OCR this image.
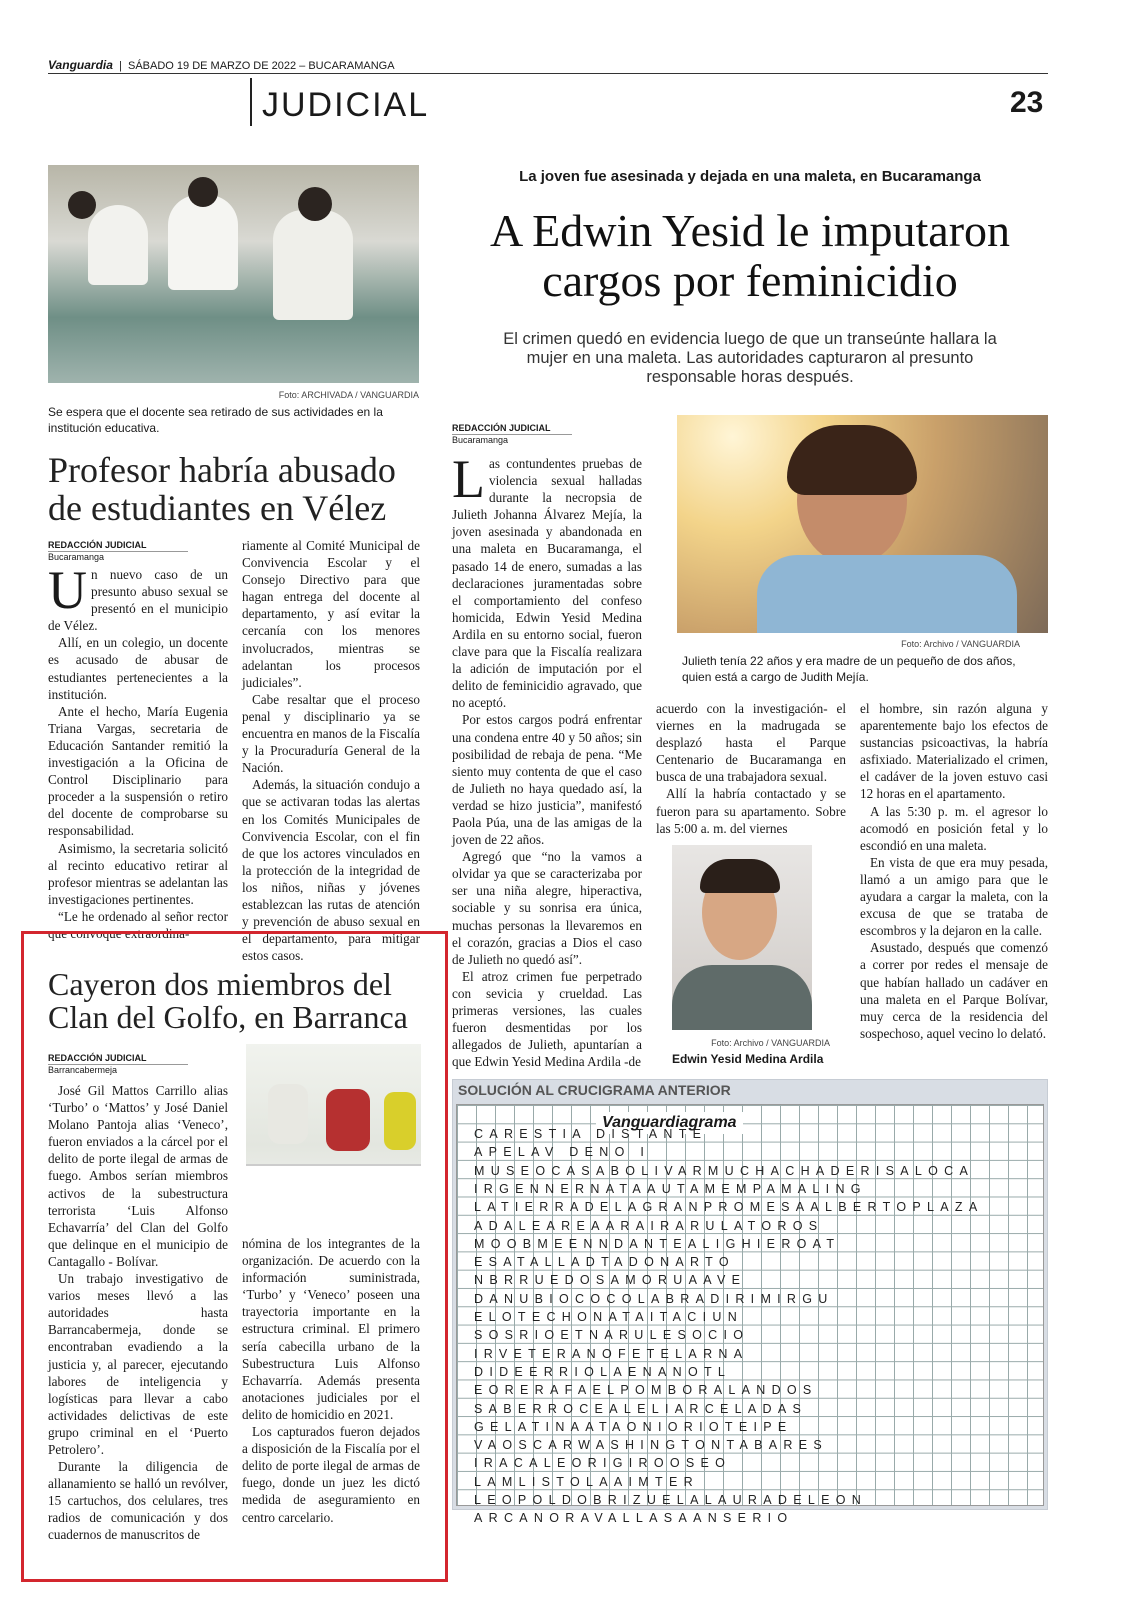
Vanguardia  |  SÁBADO 19 DE MARZO DE 2022 – BUCARAMANGA
JUDICIAL	23
Foto: ARCHIVADA / VANGUARDIA
Se espera que el docente sea retirado de sus actividades en la institución educativa.
Profesor habría abusado de estudiantes en Vélez
REDACCIÓN JUDICIAL
Bucaramanga

Un nuevo caso de un presunto abuso sexual se presentó en el municipio de Vélez.

Allí, en un colegio, un docente es acusado de abusar de estudiantes pertenecientes a la institución.

Ante el hecho, María Eugenia Triana Vargas, secretaria de Educación Santander remitió la investigación a la Oficina de Control Disciplinario para proceder a la suspensión o retiro del docente de comprobarse su responsabilidad.

Asimismo, la secretaria solicitó al recinto educativo retirar al profesor mientras se adelantan las investigaciones pertinentes.

“Le he ordenado al señor rector que convoque extraordina-

riamente al Comité Municipal de Convivencia Escolar y el Consejo Directivo para que hagan entrega del docente al departamento, y así evitar la cercanía con los menores involucrados, mientras se adelantan los procesos judiciales”.

Cabe resaltar que el proceso penal y disciplinario ya se encuentra en manos de la Fiscalía y la Procuraduría General de la Nación.

Además, la situación condujo a que se activaran todas las alertas en los Comités Municipales de Convivencia Escolar, con el fin de que los actores vinculados en la protección de la integridad de los niños, niñas y jóvenes establezcan las rutas de atención y prevención de abuso sexual en el departamento, para mitigar estos casos.

La joven fue asesinada y dejada en una maleta, en Bucaramanga
A Edwin Yesid le imputaron cargos por feminicidio
El crimen quedó en evidencia luego de que un transeúnte hallara la mujer en una maleta. Las autoridades capturaron al presunto responsable horas después.
REDACCIÓN JUDICIAL
Bucaramanga

Las contundentes pruebas de violencia sexual halladas durante la necropsia de Julieth Johanna Álvarez Mejía, la joven asesinada y abandonada en una maleta en Bucaramanga, el pasado 14 de enero, sumadas a las declaraciones juramentadas sobre el comportamiento del confeso homicida, Edwin Yesid Medina Ardila en su entorno social, fueron clave para que la Fiscalía realizara la adición de imputación por el delito de feminicidio agravado, que no aceptó.

Por estos cargos podrá enfrentar una condena entre 40 y 50 años; sin posibilidad de rebaja de pena. “Me siento muy contenta de que el caso de Julieth no haya quedado así, la verdad se hizo justicia”, manifestó Paola Púa, una de las amigas de la joven de 22 años.

Agregó que “no la vamos a olvidar ya que se caracterizaba por ser una niña alegre, hiperactiva, sociable y su sonrisa era única, muchas personas la llevaremos en el corazón, gracias a Dios el caso de Julieth no quedó así”.

El atroz crimen fue perpetrado con sevicia y crueldad. Las primeras versiones, las cuales fueron desmentidas por los allegados de Julieth, apuntarían a que Edwin Yesid Medina Ardila -de

Foto: Archivo / VANGUARDIA
Julieth tenía 22 años y era madre de un pequeño de dos años, quien está a cargo de Judith Mejía.

acuerdo con la investigación- el viernes en la madrugada se desplazó hasta el Parque Centenario de Bucaramanga en busca de una trabajadora sexual.

Allí la habría contactado y se fueron para su apartamento. Sobre las 5:00 a. m. del viernes

Foto: Archivo / VANGUARDIA
Edwin Yesid Medina Ardila

el hombre, sin razón alguna y aparentemente bajo los efectos de sustancias psicoactivas, la habría asfixiado. Materializado el crimen, el cadáver de la joven estuvo casi 12 horas en el apartamento.

A las 5:30 p. m. el agresor lo acomodó en posición fetal y lo escondió en una maleta.

En vista de que era muy pesada, llamó a un amigo para que le ayudara a cargar la maleta, con la excusa de que se trataba de escombros y la dejaron en la calle.

Asustado, después que comenzó a correr por redes el mensaje de que habían hallado un cadáver en una maleta en el Parque Bolívar, muy cerca de la residencia del sospechoso, aquel vecino lo delató.

Cayeron dos miembros del Clan del Golfo, en Barranca
REDACCIÓN JUDICIAL
Barrancabermeja

José Gil Mattos Carrillo alias ‘Turbo’ o ‘Mattos’ y José Daniel Molano Pantoja alias ‘Veneco’, fueron enviados a la cárcel por el delito de porte ilegal de armas de fuego. Ambos serían miembros activos de la subestructura terrorista ‘Luis Alfonso Echavarría’ del Clan del Golfo que delinque en el municipio de Cantagallo - Bolívar.

Un trabajo investigativo de varios meses llevó a las autoridades hasta Barrancabermeja, donde se encontraban evadiendo a la justicia y, al parecer, ejecutando labores de inteligencia y logísticas para llevar a cabo actividades delictivas de este grupo criminal en el ‘Puerto Petrolero’.

Durante la diligencia de allanamiento se halló un revólver, 15 cartuchos, dos celulares, tres radios de comunicación y dos cuadernos de manuscritos de

nómina de los integrantes de la organización. De acuerdo con la información suministrada, ‘Turbo’ y ‘Veneco’ poseen una trayectoria importante en la estructura criminal. El primero sería cabecilla urbano de la Subestructura Luis Alfonso Echavarría. Además presenta anotaciones judiciales por el delito de homicidio en 2021.

Los capturados fueron dejados a disposición de la Fiscalía por el delito de porte ilegal de armas de fuego, donde un juez les dictó medida de aseguramiento en centro carcelario.

SOLUCIÓN AL CRUCIGRAMA ANTERIOR
Vanguardiagrama
CARESTIA DISTANTE
APELAV DENO I
MUSEOCASABOLIVARMUCHACHADERISALOCA
IRGENNERNATAAUTAMEMPAMALING
LATIERRADELAGRANPROMESAALBERTOPLAZA
ADALEAREAARAIRARULATOROS
MOOBMEENNDANTEALIGHIEROAT
ESATALLADTADONARTO
NBRRUEDOSAMORUAAVE
DANUBIOCOCOLABRADIRIMIRGU
ELOTECHONATAITACIUN
SOSRIOETNARULESOCIO
IRVETERANOFETELARNA
DIDEERRIOLAENANOTL
EORERAFAELPOMBORALANDOS
SABERROCEALELIARCELADAS
GELATINAATAONIORIOTEIPE
VAOSCARWASHINGTONTABARES
IRACALEORIGIROOSEO
LAMLISTOLAAIMTER
LEOPOLDOBRIZUELALAURADELEON
ARCANORAVALLASAANSERIO
